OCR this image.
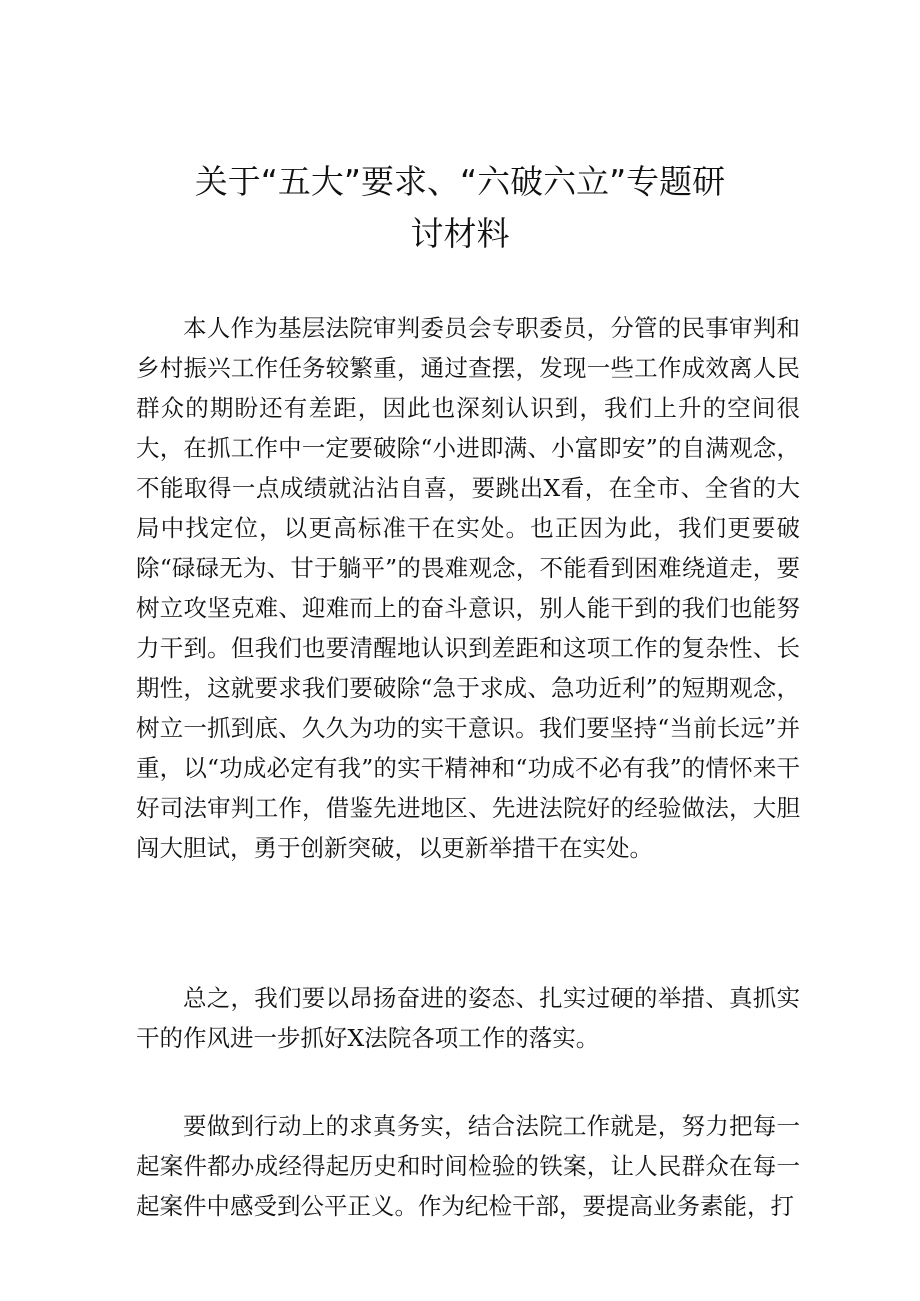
关于“五大”要求、“六破六立”专题研
讨材料

本人作为基层法院审判委员会专职委员，分管的民事审判和乡村振兴工作任务较繁重，通过查摆，发现一些工作成效离人民群众的期盼还有差距，因此也深刻认识到，我们上升的空间很大，在抓工作中一定要破除“小进即满、小富即安”的自满观念，不能取得一点成绩就沾沾自喜，要跳出X看，在全市、全省的大局中找定位，以更高标准干在实处。也正因为此，我们更要破除“碌碌无为、甘于躺平”的畏难观念，不能看到困难绕道走，要树立攻坚克难、迎难而上的奋斗意识，别人能干到的我们也能努力干到。但我们也要清醒地认识到差距和这项工作的复杂性、长期性，这就要求我们要破除“急于求成、急功近利”的短期观念，树立一抓到底、久久为功的实干意识。我们要坚持“当前长远”并重，以“功成必定有我”的实干精神和“功成不必有我”的情怀来干好司法审判工作，借鉴先进地区、先进法院好的经验做法，大胆闯大胆试，勇于创新突破，以更新举措干在实处。

总之，我们要以昂扬奋进的姿态、扎实过硬的举措、真抓实干的作风进一步抓好X法院各项工作的落实。

要做到行动上的求真务实，结合法院工作就是，努力把每一起案件都办成经得起历史和时间检验的铁案，让人民群众在每一起案件中感受到公平正义。作为纪检干部，要提高业务素能，打
